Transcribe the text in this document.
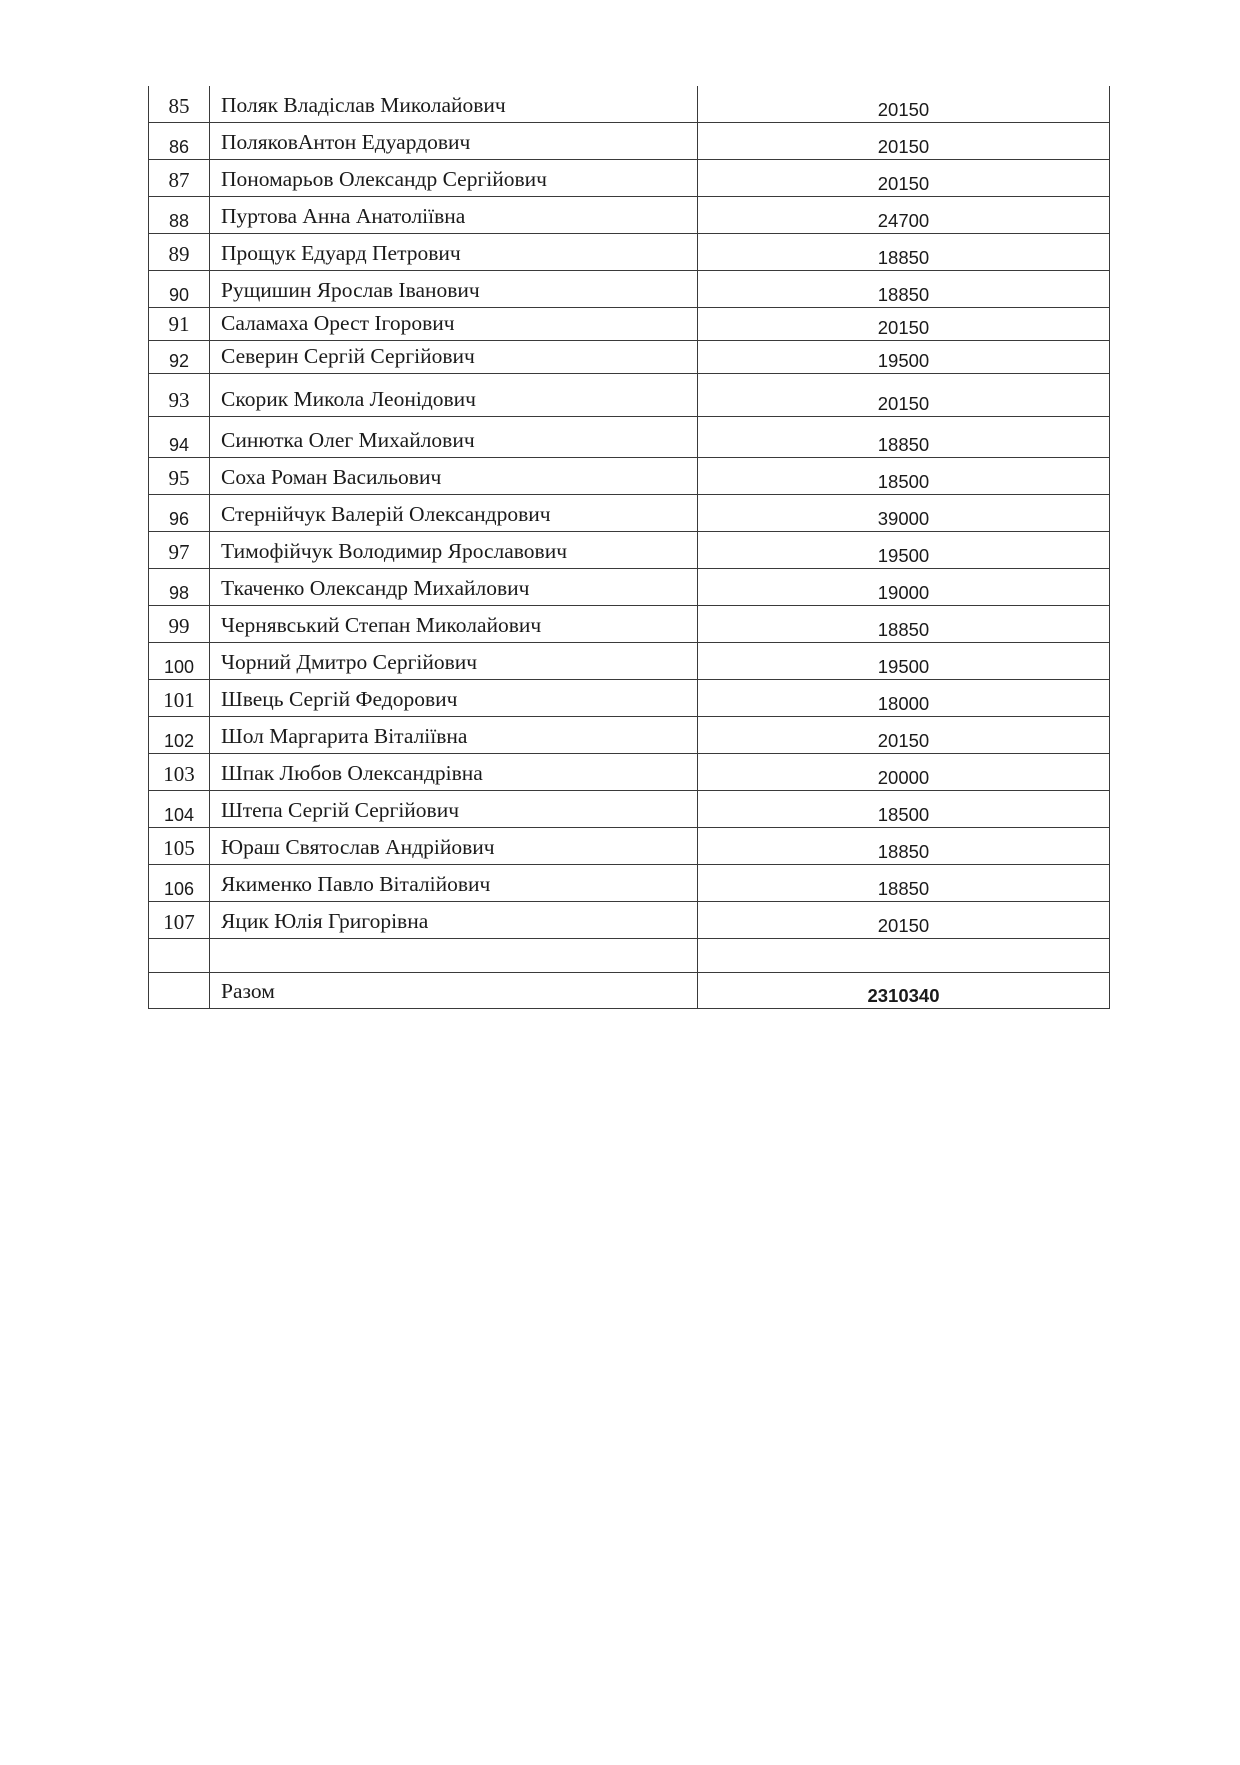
85	Поляк Владіслав Миколайович	20150
86	ПоляковАнтон Едуардович	20150
87	Пономарьов Олександр Сергійович	20150
88	Пуртова Анна Анатоліївна	24700
89	Прощук Едуард Петрович	18850
90	Рущишин Ярослав Іванович	18850
91	Саламаха Орест Ігорович	20150
92	Северин Сергій Сергійович	19500
93	Скорик Микола Леонідович	20150
94	Синютка Олег Михайлович	18850
95	Соха Роман Васильович	18500
96	Стернійчук Валерій Олександрович	39000
97	Тимофійчук Володимир Ярославович	19500
98	Ткаченко Олександр Михайлович	19000
99	Чернявський Степан Миколайович	18850
100	Чорний Дмитро Сергійович	19500
101	Швець Сергій Федорович	18000
102	Шол Маргарита Віталіївна	20150
103	Шпак Любов Олександрівна	20000
104	Штепа Сергій Сергійович	18500
105	Юраш Святослав Андрійович	18850
106	Якименко Павло Віталійович	18850
107	Яцик Юлія Григорівна	20150

	Разом	2310340
